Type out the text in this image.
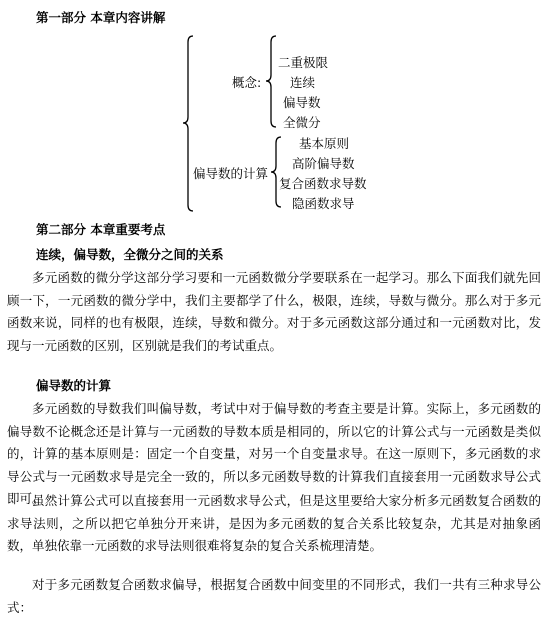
第一部分 本章内容讲解
概念:
二重极限
连续
偏导数
全微分
偏导数的计算
基本原则
高阶偏导数
复合函数求导数
隐函数求导
第二部分 本章重要考点
连续，偏导数，全微分之间的关系

多元函数的微分学这部分学习要和一元函数微分学要联系在一起学习。那么下面我们就先回顾一下，一元函数的微分学中，我们主要都学了什么，极限，连续，导数与微分。那么对于多元函数来说，同样的也有极限，连续，导数和微分。对于多元函数这部分通过和一元函数对比，发现与一元函数的区别，区别就是我们的考试重点。

偏导数的计算

多元函数的导数我们叫偏导数，考试中对于偏导数的考查主要是计算。实际上，多元函数的偏导数不论概念还是计算与一元函数的导数本质是相同的，所以它的计算公式与一元函数是类似的，计算的基本原则是：固定一个自变量，对另一个自变量求导。在这一原则下，多元函数的求导公式与一元函数求导是完全一致的，所以多元函数导数的计算我们直接套用一元函数求导公式即可。

虽然计算公式可以直接套用一元函数求导公式，但是这里要给大家分析多元函数复合函数的求导法则，之所以把它单独分开来讲，是因为多元函数的复合关系比较复杂，尤其是对抽象函数，单独依靠一元函数的求导法则很难将复杂的复合关系梳理清楚。

对于多元函数复合函数求偏导，根据复合函数中间变里的不同形式，我们一共有三种求导公式：
